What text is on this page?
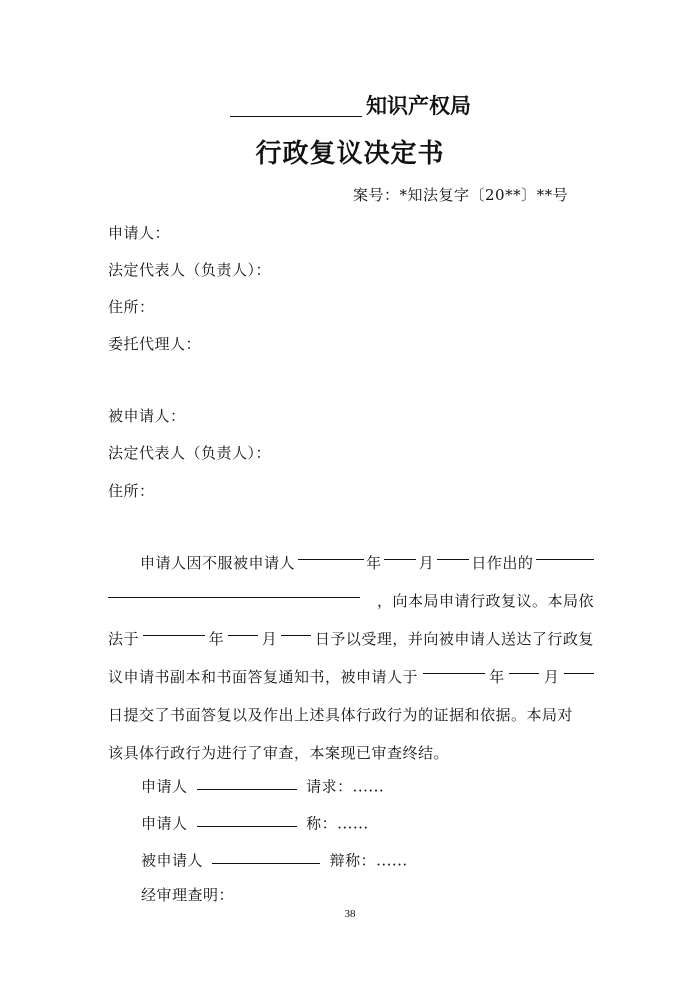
知识产权局
行政复议决定书
案号：*知法复字〔20**〕**号
申请人：
法定代表人（负责人）：
住所：
委托代理人：
被申请人：
法定代表人（负责人）：
住所：
申请人因不服被申请人	年 月 日作出的
，向本局申请行政复议。本局依
法于	年	月	日予以受理，并向被申请人送达了行政复
议申请书副本和书面答复通知书，被申请人于	年	月
日提交了书面答复以及作出上述具体行政行为的证据和依据。本局对
该具体行政行为进行了审查，本案现已审查终结。
申请人	请求：......
申请人	称：......
被申请人	辩称：......
经审理查明：
38
